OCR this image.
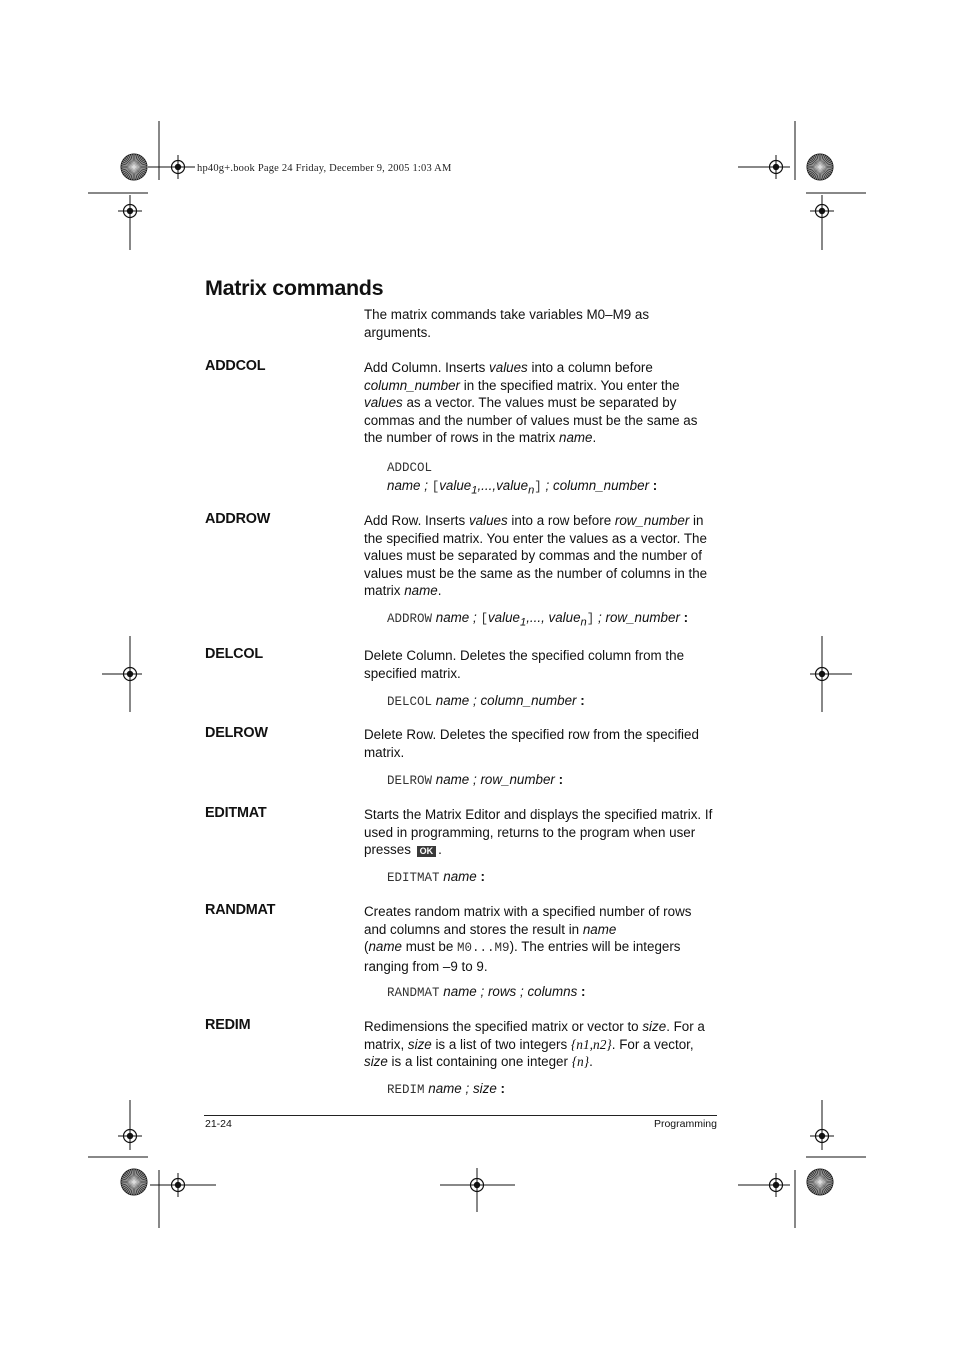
hp40g+.book Page 24 Friday, December 9, 2005 1:03 AM
Matrix commands
The matrix commands take variables M0–M9 as arguments.
ADDCOL	Add Column. Inserts values into a column before column_number in the specified matrix. You enter the values as a vector. The values must be separated by commas and the number of values must be the same as the number of rows in the matrix name.
ADDCOL
name ; [value$_1$,...,value$_n$] ; column_number :
ADDROW	Add Row. Inserts values into a row before row_number in the specified matrix. You enter the values as a vector. The values must be separated by commas and the number of values must be the same as the number of columns in the matrix name.
ADDROW name ; [value$_1$,..., value$_n$] ; row_number :
DELCOL	Delete Column. Deletes the specified column from the specified matrix.
DELCOL name ; column_number :
DELROW	Delete Row. Deletes the specified row from the specified matrix.
DELROW name ; row_number :
EDITMAT	Starts the Matrix Editor and displays the specified matrix. If used in programming, returns to the program when user presses OK .
EDITMAT name :
RANDMAT	Creates random matrix with a specified number of rows and columns and stores the result in name
(name must be M0...M9). The entries will be integers ranging from –9 to 9.
RANDMAT name ; rows ; columns :
REDIM	Redimensions the specified matrix or vector to size. For a matrix, size is a list of two integers {n1,n2}. For a vector, size is a list containing one integer {n}.
REDIM name ; size :
21-24	Programming
